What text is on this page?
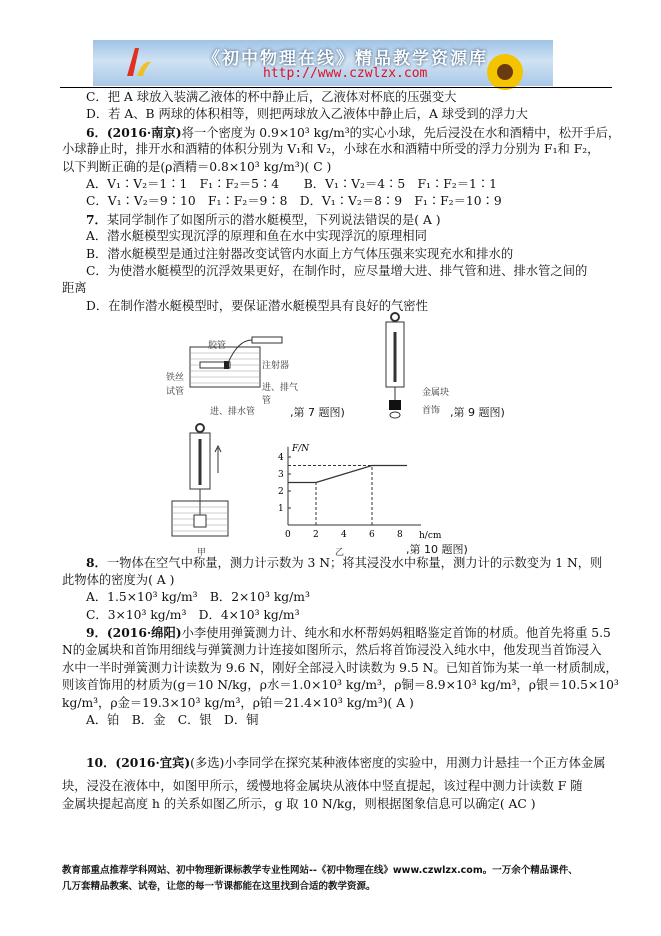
《初中物理在线》精品教学资源库
http://www.czwlzx.com
C．把 A 球放入装满乙液体的杯中静止后，乙液体对杯底的压强变大
D．若 A、B 两球的体积相等，则把两球放入乙液体中静止后，A 球受到的浮力大
6．(2016·南京)将一个密度为 0.9×10³ kg/m³的实心小球，先后浸没在水和酒精中，松开手后，
小球静止时，排开水和酒精的体积分别为 V₁和 V₂，小球在水和酒精中所受的浮力分别为 F₁和 F₂，
以下判断正确的是(ρ酒精＝0.8×10³ kg/m³)( C )
A．V₁∶V₂＝1∶1　F₁∶F₂＝5∶4　　B．V₁∶V₂＝4∶5　F₁∶F₂＝1∶1
C．V₁∶V₂＝9∶10　F₁∶F₂＝9∶8　D．V₁∶V₂＝8∶9　F₁∶F₂＝10∶9
7．某同学制作了如图所示的潜水艇模型，下列说法错误的是( A )
A．潜水艇模型实现沉浮的原理和鱼在水中实现浮沉的原理相同
B．潜水艇模型是通过注射器改变试管内水面上方气体压强来实现充水和排水的
C．为使潜水艇模型的沉浮效果更好，在制作时，应尽量增大进、排气管和进、排水管之间的
距离
D．在制作潜水艇模型时，要保证潜水艇模型具有良好的气密性
8．一物体在空气中称量，测力计示数为 3 N；将其浸没水中称量，测力计的示数变为 1 N，则
此物体的密度为( A )
A．1.5×10³ kg/m³　B．2×10³ kg/m³
C．3×10³ kg/m³　D．4×10³ kg/m³
9．(2016·绵阳)小李使用弹簧测力计、纯水和水杯帮妈妈粗略鉴定首饰的材质。他首先将重 5.5
N的金属块和首饰用细线与弹簧测力计连接如图所示，然后将首饰浸没入纯水中，他发现当首饰浸入
水中一半时弹簧测力计读数为 9.6 N，刚好全部浸入时读数为 9.5 N。已知首饰为某一单一材质制成，
则该首饰用的材质为(g＝10 N/kg，ρ水＝1.0×10³ kg/m³，ρ铜＝8.9×10³ kg/m³，ρ银＝10.5×10³
kg/m³，ρ金＝19.3×10³ kg/m³，ρ铂＝21.4×10³ kg/m³)( A )
A．铂　B．金　C．银　D．铜
10．(2016·宜宾)(多选)小李同学在探究某种液体密度的实验中，用测力计悬挂一个正方体金属
块，浸没在液体中，如图甲所示，缓慢地将金属块从液体中竖直提起，该过程中测力计读数 F 随
金属块提起高度 h 的关系如图乙所示，g 取 10 N/kg，则根据图象信息可以确定( AC )
胶管
注射器
铁丝
试管	进、排气管
进、排水管	,第 7 题图)
金属块
首饰 ,第 9 题图)
甲
F/N
h/cm
0 2 4 6 8
1
2
3
4
乙	,第 10 题图)
教育部重点推荐学科网站、初中物理新课标教学专业性网站--《初中物理在线》www.czwlzx.com。一万余个精品课件、
几万套精品教案、试卷，让您的每一节课都能在这里找到合适的教学资源。
